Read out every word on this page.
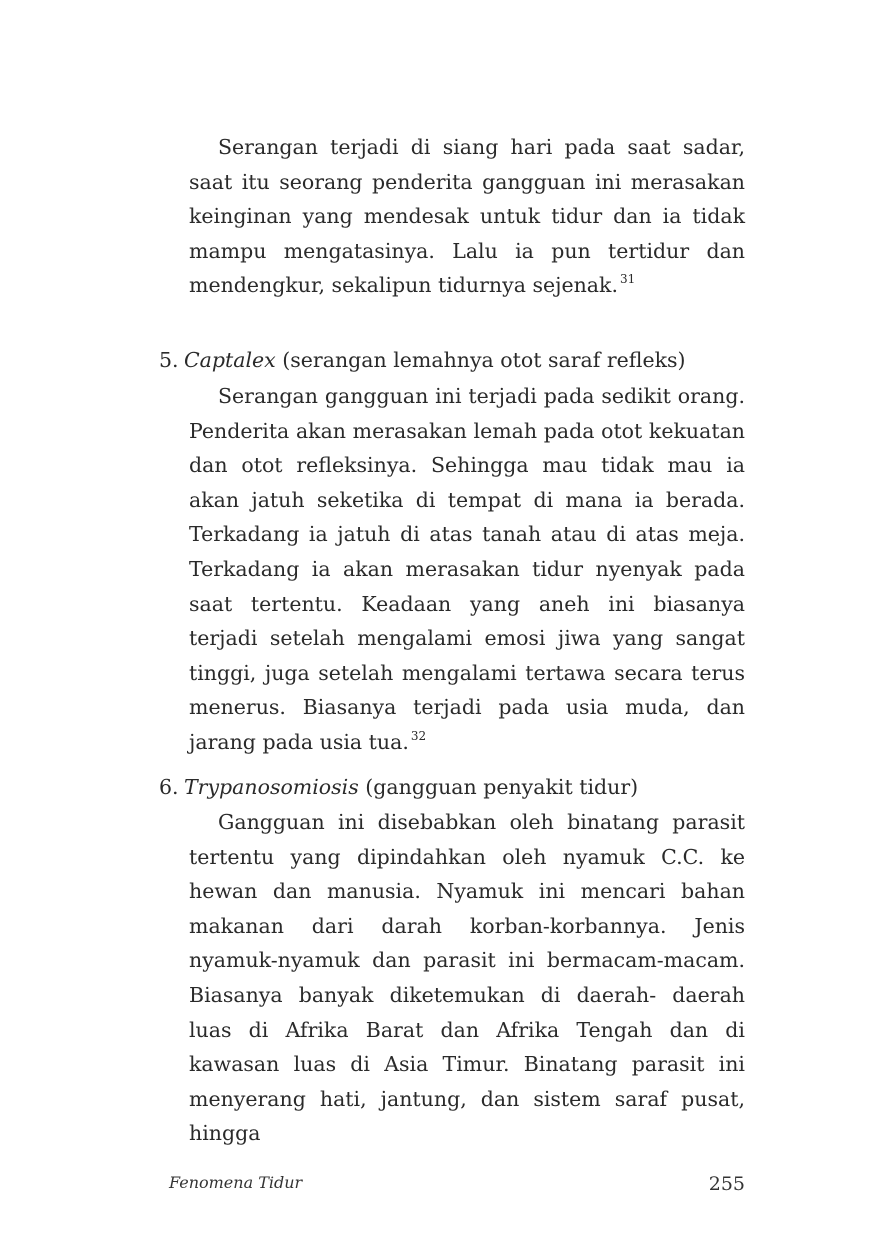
Serangan terjadi di siang hari pada saat sadar, saat itu seorang penderita gangguan ini merasakan keinginan yang mendesak untuk tidur dan ia tidak mampu mengatasinya. Lalu ia pun tertidur dan mendengkur, sekalipun tidurnya sejenak. $^{31}$

5. Captalex (serangan lemahnya otot saraf refleks)

Serangan gangguan ini terjadi pada sedikit orang. Penderita akan merasakan lemah pada otot kekuatan dan otot refleksinya. Sehingga mau tidak mau ia akan jatuh seketika di tempat di mana ia berada. Terkadang ia jatuh di atas tanah atau di atas meja. Terkadang ia akan merasakan tidur nyenyak pada saat tertentu. Keadaan yang aneh ini biasanya terjadi setelah mengalami emosi jiwa yang sangat tinggi, juga setelah mengalami tertawa secara terus menerus. Biasanya terjadi pada usia muda, dan jarang pada usia tua. $^{32}$

6. Trypanosomiosis (gangguan penyakit tidur)

Gangguan ini disebabkan oleh binatang parasit tertentu yang dipindahkan oleh nyamuk C.C. ke hewan dan manusia. Nyamuk ini mencari bahan makanan dari darah korban-korbannya. Jenis nyamuk-nyamuk dan parasit ini bermacam-macam. Biasanya banyak diketemukan di daerah- daerah luas di Afrika Barat dan Afrika Tengah dan di kawasan luas di Asia Timur. Binatang parasit ini menyerang hati, jantung, dan sistem saraf pusat, hingga

Fenomena Tidur	255
